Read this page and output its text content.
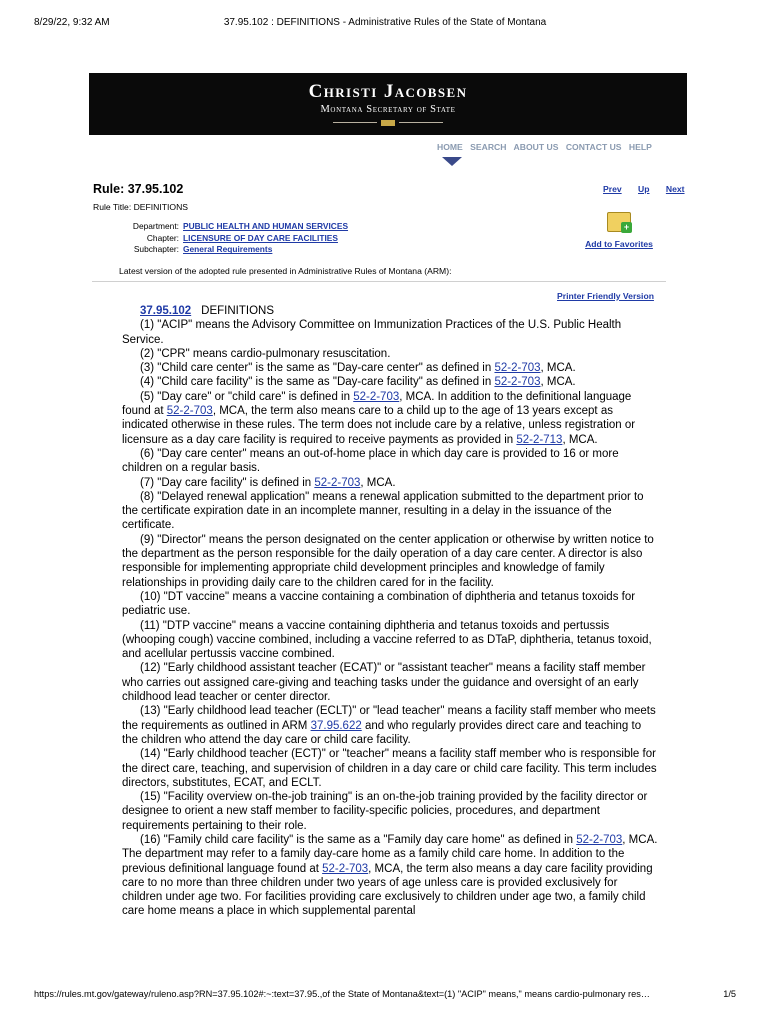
8/29/22, 9:32 AM	37.95.102 : DEFINITIONS - Administrative Rules of the State of Montana
Christi Jacobsen
Montana Secretary of State
HOME SEARCH ABOUT US CONTACT US HELP
Rule: 37.95.102	Prev Up Next
Rule Title: DEFINITIONS
Department: PUBLIC HEALTH AND HUMAN SERVICES
Chapter: LICENSURE OF DAY CARE FACILITIES
Subchapter: General Requirements
+
Add to Favorites
Latest version of the adopted rule presented in Administrative Rules of Montana (ARM):
Printer Friendly Version

37.95.102 DEFINITIONS

(1) "ACIP" means the Advisory Committee on Immunization Practices of the U.S. Public Health Service.

(2) "CPR" means cardio-pulmonary resuscitation.

(3) "Child care center" is the same as "Day-care center" as defined in 52-2-703, MCA.

(4) "Child care facility" is the same as "Day-care facility" as defined in 52-2-703, MCA.

(5) "Day care" or "child care" is defined in 52-2-703, MCA. In addition to the definitional language found at 52-2-703, MCA, the term also means care to a child up to the age of 13 years except as indicated otherwise in these rules. The term does not include care by a relative, unless registration or licensure as a day care facility is required to receive payments as provided in 52-2-713, MCA.

(6) "Day care center" means an out-of-home place in which day care is provided to 16 or more children on a regular basis.

(7) "Day care facility" is defined in 52-2-703, MCA.

(8) "Delayed renewal application" means a renewal application submitted to the department prior to the certificate expiration date in an incomplete manner, resulting in a delay in the issuance of the certificate.

(9) "Director" means the person designated on the center application or otherwise by written notice to the department as the person responsible for the daily operation of a day care center. A director is also responsible for implementing appropriate child development principles and knowledge of family relationships in providing daily care to the children cared for in the facility.

(10) "DT vaccine" means a vaccine containing a combination of diphtheria and tetanus toxoids for pediatric use.

(11) "DTP vaccine" means a vaccine containing diphtheria and tetanus toxoids and pertussis (whooping cough) vaccine combined, including a vaccine referred to as DTaP, diphtheria, tetanus toxoid, and acellular pertussis vaccine combined.

(12) "Early childhood assistant teacher (ECAT)" or "assistant teacher" means a facility staff member who carries out assigned care-giving and teaching tasks under the guidance and oversight of an early childhood lead teacher or center director.

(13) "Early childhood lead teacher (ECLT)" or "lead teacher" means a facility staff member who meets the requirements as outlined in ARM 37.95.622 and who regularly provides direct care and teaching to the children who attend the day care or child care facility.

(14) "Early childhood teacher (ECT)" or "teacher" means a facility staff member who is responsible for the direct care, teaching, and supervision of children in a day care or child care facility. This term includes directors, substitutes, ECAT, and ECLT.

(15) "Facility overview on-the-job training" is an on-the-job training provided by the facility director or designee to orient a new staff member to facility-specific policies, procedures, and department requirements pertaining to their role.

(16) "Family child care facility" is the same as a "Family day care home" as defined in 52-2-703, MCA. The department may refer to a family day-care home as a family child care home. In addition to the previous definitional language found at 52-2-703, MCA, the term also means a day care facility providing care to no more than three children under two years of age unless care is provided exclusively for children under age two. For facilities providing care exclusively to children under age two, a family child care home means a place in which supplemental parental

https://rules.mt.gov/gateway/ruleno.asp?RN=37.95.102#:~:text=37.95.,of the State of Montana&text=(1) "ACIP" means," means cardio-pulmonary res…	1/5
